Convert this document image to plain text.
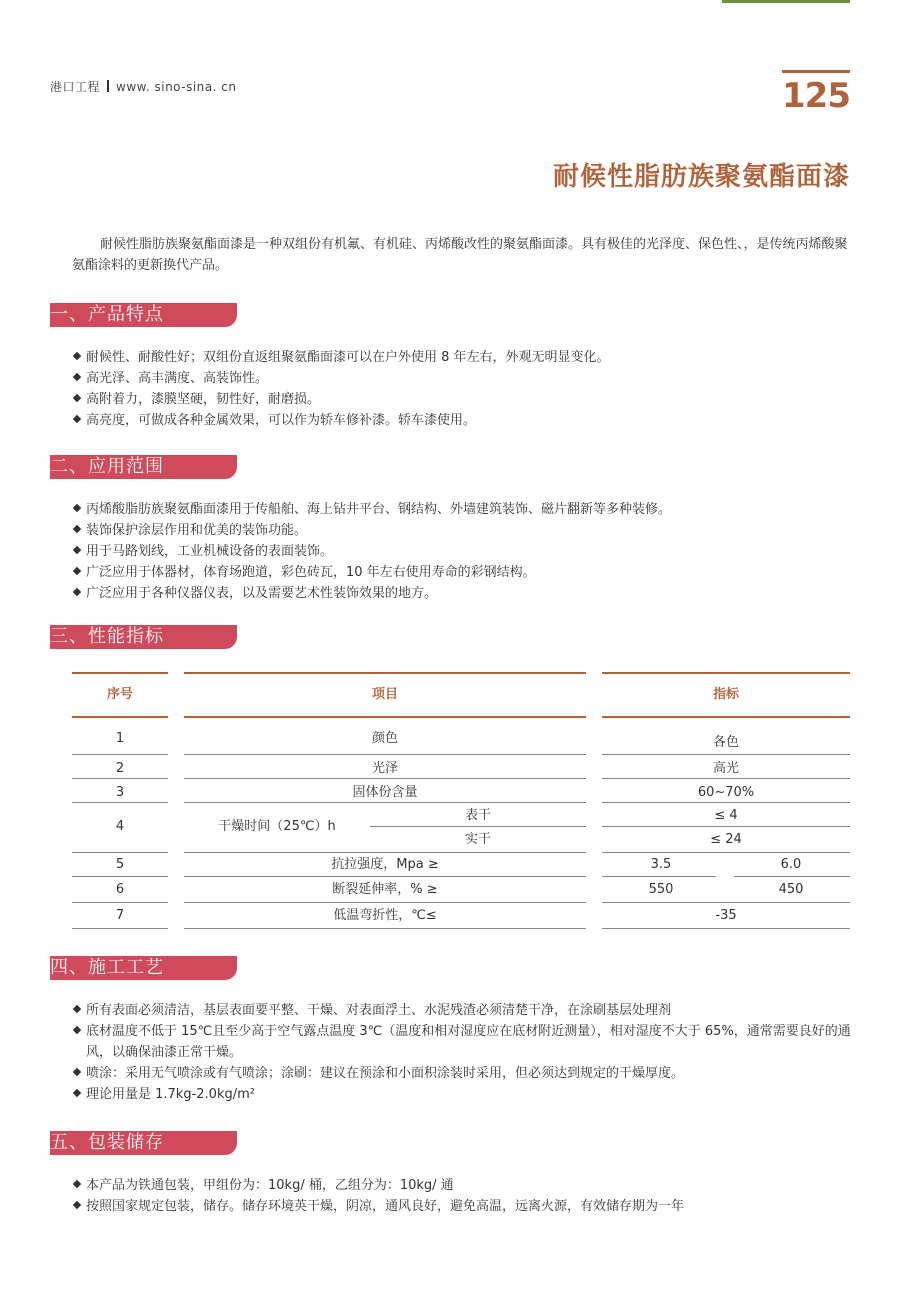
港口工程 www. sino-sina. cn	125
耐候性脂肪族聚氨酯面漆

耐候性脂肪族聚氨酯面漆是一种双组份有机氟、有机硅、丙烯酸改性的聚氨酯面漆。具有极佳的光泽度、保色性、，是传统丙烯酸聚氨酯涂料的更新换代产品。

一、产品特点
耐候性、耐酸性好；双组份直返组聚氨酯面漆可以在户外使用 8 年左右，外观无明显变化。
高光泽、高丰满度、高装饰性。
高附着力，漆膜坚硬，韧性好，耐磨损。
高亮度，可做成各种金属效果，可以作为轿车修补漆。轿车漆使用。
二、应用范围
丙烯酸脂肪族聚氨酯面漆用于传船舶、海上钻井平台、钢结构、外墙建筑装饰、磁片翻新等多种装修。
装饰保护涂层作用和优美的装饰功能。
用于马路划线，工业机械设备的表面装饰。
广泛应用于体器材，体育场跑道，彩色砖瓦，10 年左右使用寿命的彩钢结构。
广泛应用于各种仪器仪表，以及需要艺术性装饰效果的地方。
三、性能指标
序号	项目	指标
1	颜色	各色
2	光泽	高光
3	固体份含量	60~70%
4	干燥时间（25℃）h
表干	≤ 4
实干	≤ 24
5	抗拉强度，Mpa ≥	3.5	6.0
6	断裂延伸率，% ≥	550	450
7	低温弯折性，℃≤	-35
四、施工工艺
所有表面必须清洁，基层表面要平整、干燥、对表面浮土、水泥残渣必须清楚干净，在涂刷基层处理剂
底材温度不低于 15℃且至少高于空气露点温度 3℃（温度和相对湿度应在底材附近测量），相对湿度不大于 65%，通常需要良好的通风，以确保油漆正常干燥。
喷涂：采用无气喷涂或有气喷涂；涂刷：建议在预涂和小面积涂装时采用，但必须达到规定的干燥厚度。
理论用量是 1.7kg-2.0kg/m²
五、包装储存
本产品为铁通包装，甲组份为：10kg/ 桶，乙组分为：10kg/ 通
按照国家规定包装，储存。储存环境英干燥，阴凉，通风良好，避免高温，远离火源，有效储存期为一年
